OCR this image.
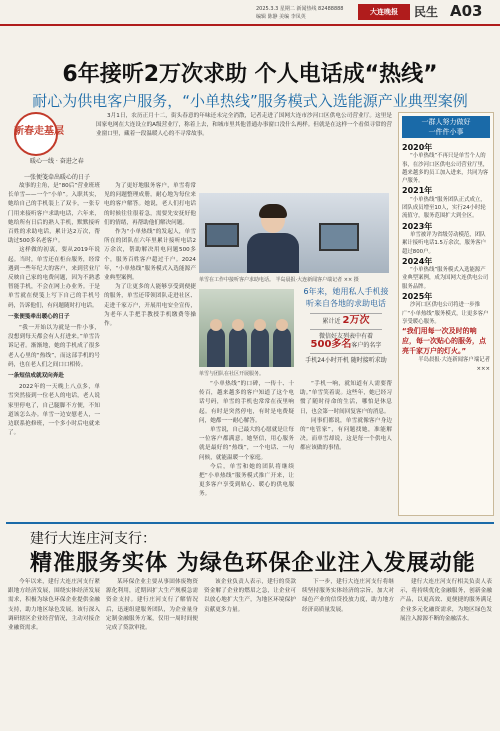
2025.3.3 星期二 新闻热线 82488888
编辑 陈静 美编 李凤英
大连晚报	民生 A03
6年接听2万次求助 个人电话成“热线”
耐心为供电客户服务，“小单热线”服务模式入选能源产业典型案例
新春走基层
暖心一线 · 奋进之春

3月1日，农历正月十二，街头春意的年味还未完全消散，记者走进了国网大连市沙河口区供电公司营业厅。这里是国家电网在大连设立的A级营业厅，称着上去，和城市里其他普通办事窗口没什么两样。但就是在这样一个看似寻常的营业窗口里，藏着一段温暖人心的不寻常故事。

一张便笺牵出暖心的日子

故事的主角，是“80后”营业班班长单雪——一个“小单”。入职其实，她给自己的手机装上了双卡，一张专门用来接听客户求助电话，六年来，她给所有日后的熟人手机，默默接听百姓的求助电话，累计达2万次，帮助过500多名老客户。

这样做的初衷，要从2019年说起。当时，单雪还在柜台服务，经常遇到一些年纪大的客户，来到营业厅反映自己家的电费问题，因为不熟悉智能手机，不会在网上办业务。于是单雪就在便笺上写下自己的手机号码，告诉他们，有问题随时打电话。

一张便笺牵出暖心的日子

“我一开始以为就是一件小事，没想到每天都会有人打进来。”单雪告诉记者。渐渐地，她的手机成了很多老人心里的“热线”，而这部手机的号码，也在老人们之间口口相传。

一条短信成就双向奔赴

2022年的一天晚上八点多，单雪突然接到一位老人的电话，老人说家里停电了，自己腿脚不方便，不知道该怎么办。单雪一边安慰老人，一边联系抢修班，一个多小时后电就来了。

为了更好地服务客户，单雪将常见的问题整理成册，耐心地为每位来电的客户解答。她说，老人们打电话的时候往往很着急，需要先安抚好他们的情绪，再帮助他们解决问题。

作为“小单热线”的发起人，单雪所在的团队在六年里累计接听电话2万余次，帮助解决用电问题500多个，服务百姓客户超过千户。2024年，“小单热线”服务模式入选能源产业典型案例。

为了让更多的人能够享受到便捷的服务，单雪还带领团队走进社区、走进千家万户，开展用电安全宣传，为老年人手把手教授手机缴费等操作。

单雪在工作中接听客户求助电话。 半岛晨报·大连新闻客户端记者 ×× 摄
单雪与团队在社区开展服务。
6年来，她用私人手机接听来自各地的求助电话
累计近 2万次
微信好友列表中有着
500多名客户的名字
手机24小时开机 随时接听求助

“小单热线”的口碑，一传十、十传百，越来越多的客户知道了这个电话号码，单雪的手机也常常在夜里响起。有时是突然停电，有时是电费疑问，她都一一耐心解答。

单雪说，自己最大的心愿就是让每一位客户都满意。她坚信，用心服务就是最好的“热线”，一个电话、一句问候，就能温暖一个家庭。

今后，单雪和她的团队将继续把“小单热线”服务模式推广开来，让更多客户享受到贴心、暖心的供电服务。

“手机一响，就知道有人需要帮助。”单雪笑着说。这些年，她已经习惯了随时待命的生活，哪怕是休息日，也会第一时间回复客户的消息。

同事们都说，单雪就像客户身边的“电管家”，有问题找她，准能解决。而单雪却说，这是每一个供电人都应该做的事情。

一群人努力做好
一件件小事
2020年

“小单热线”不再只是单雪个人的事，在沙河口区供电公司营业厅里，越来越多的员工加入进来，共同为客户服务。

2021年

“小单热线”服务团队正式成立，团队成员增至10人，实行24小时轮流值守，服务范围扩大到全区。

2023年

单雪被评为省级劳动模范，团队累计接听电话1.5万余次，服务客户超过800户。

2024年

“小单热线”服务模式入选能源产业典型案例，成为国网大连供电公司服务品牌。

2025年

沙河口区供电公司将进一步推广“小单热线”服务模式，让更多客户享受暖心服务。

“我们用每一次及时的响应，每一次贴心的服务，点亮千家万户的灯火。”

半岛晨报·大连新闻客户端记者 ×××

建行大连庄河支行：
精准服务实体 为绿色环保企业注入发展动能

今年以来，建行大连庄河支行紧跟地方经济发展，围绕实体经济发展需求，积极为绿色环保企业提供金融支持，助力地区绿色发展。该行深入调研辖区企业经营情况，主动对接企业融资需求。

某环保企业主要从事固体废物资源化利用，近期因扩大生产规模急需资金支持。建行庄河支行了解情况后，迅速组建服务团队，为企业量身定制金融服务方案，仅用一周时间便完成了贷款审批。

该企业负责人表示，建行的贷款资金解了企业的燃眉之急，让企业可以放心地扩大生产，为地区环境保护贡献更多力量。

下一步，建行大连庄河支行将继续坚持服务实体经济的宗旨，加大对绿色产业的信贷投放力度，助力地方经济高质量发展。

建行大连庄河支行相关负责人表示，将持续优化金融服务，创新金融产品，以更高效、更便捷的服务满足企业多元化融资需求，为地区绿色发展注入源源不断的金融活水。
